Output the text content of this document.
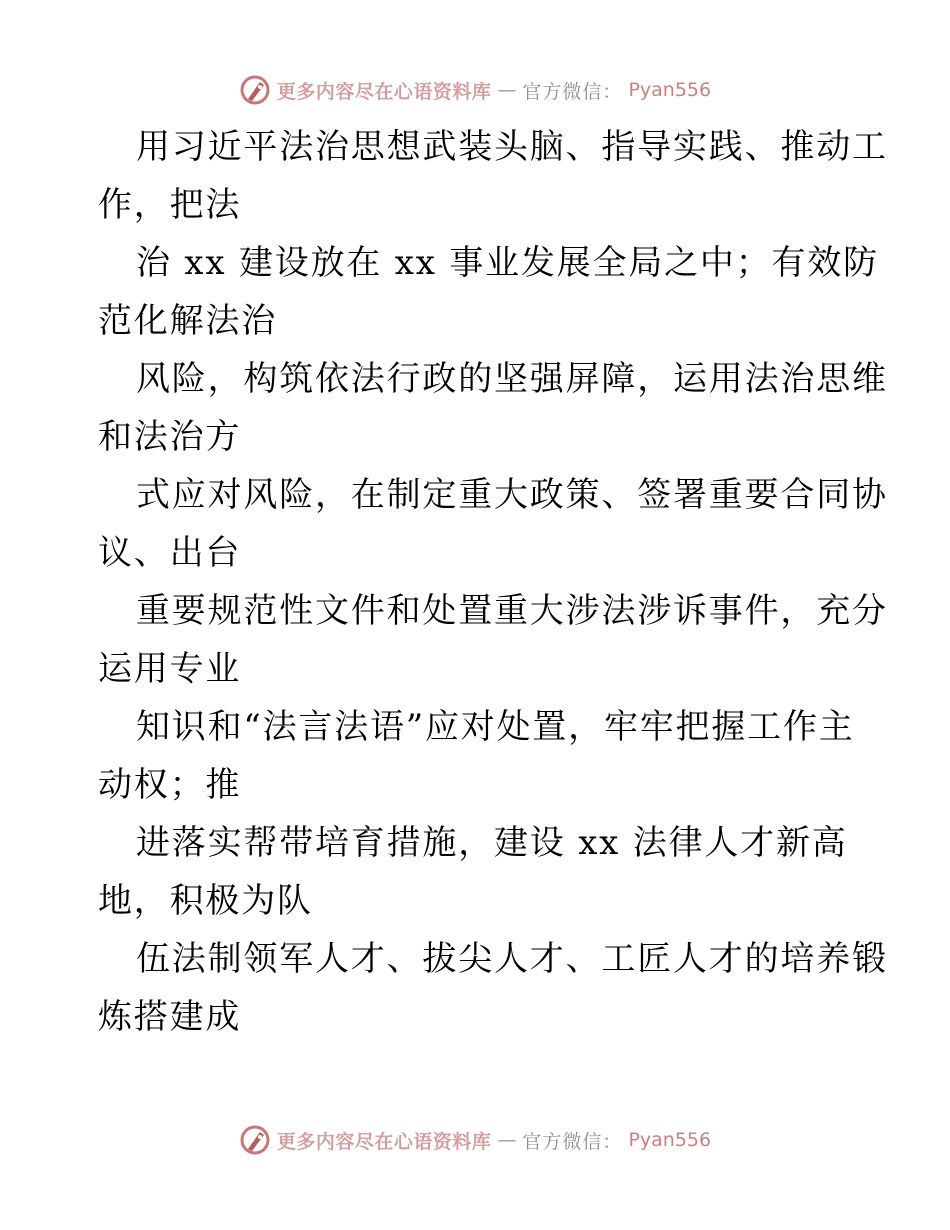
更多内容尽在心语资料库 — 官方微信： Pyan556

用习近平法治思想武装头脑、指导实践、推动工
作，把法

治 xx 建设放在 xx 事业发展全局之中；有效防
范化解法治

风险，构筑依法行政的坚强屏障，运用法治思维
和法治方

式应对风险，在制定重大政策、签署重要合同协
议、出台

重要规范性文件和处置重大涉法涉诉事件，充分
运用专业

知识和“法言法语”应对处置，牢牢把握工作主
动权；推

进落实帮带培育措施，建设 xx 法律人才新高
地，积极为队

伍法制领军人才、拔尖人才、工匠人才的培养锻
炼搭建成

更多内容尽在心语资料库 — 官方微信： Pyan556
